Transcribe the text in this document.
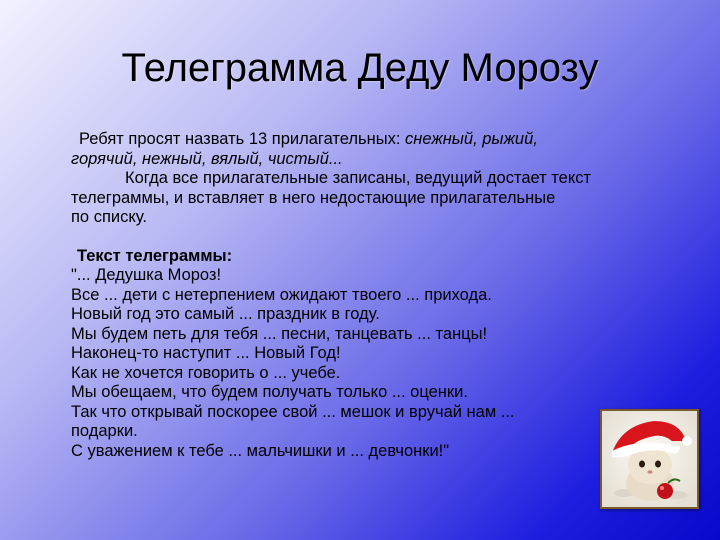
Телеграмма Деду Морозу

Ребят просят назвать 13 прилагательных: снежный, рыжий,

горячий, нежный, вялый, чистый...

Когда все прилагательные записаны, ведущий достает текст

телеграммы, и вставляет в него недостающие прилагательные

по списку.

Текст телеграммы:

"... Дедушка Мороз!

Все ... дети с нетерпением ожидают твоего ... прихода.

Новый год это самый ... праздник в году.

Мы будем петь для тебя ... песни, танцевать ... танцы!

Наконец-то наступит ... Новый Год!

Как не хочется говорить о ... учебе.

Мы обещаем, что будем получать только ... оценки.

Так что открывай поскорее свой ... мешок и вручай нам ...

подарки.

С уважением к тебе ... мальчишки и ... девчонки!"
